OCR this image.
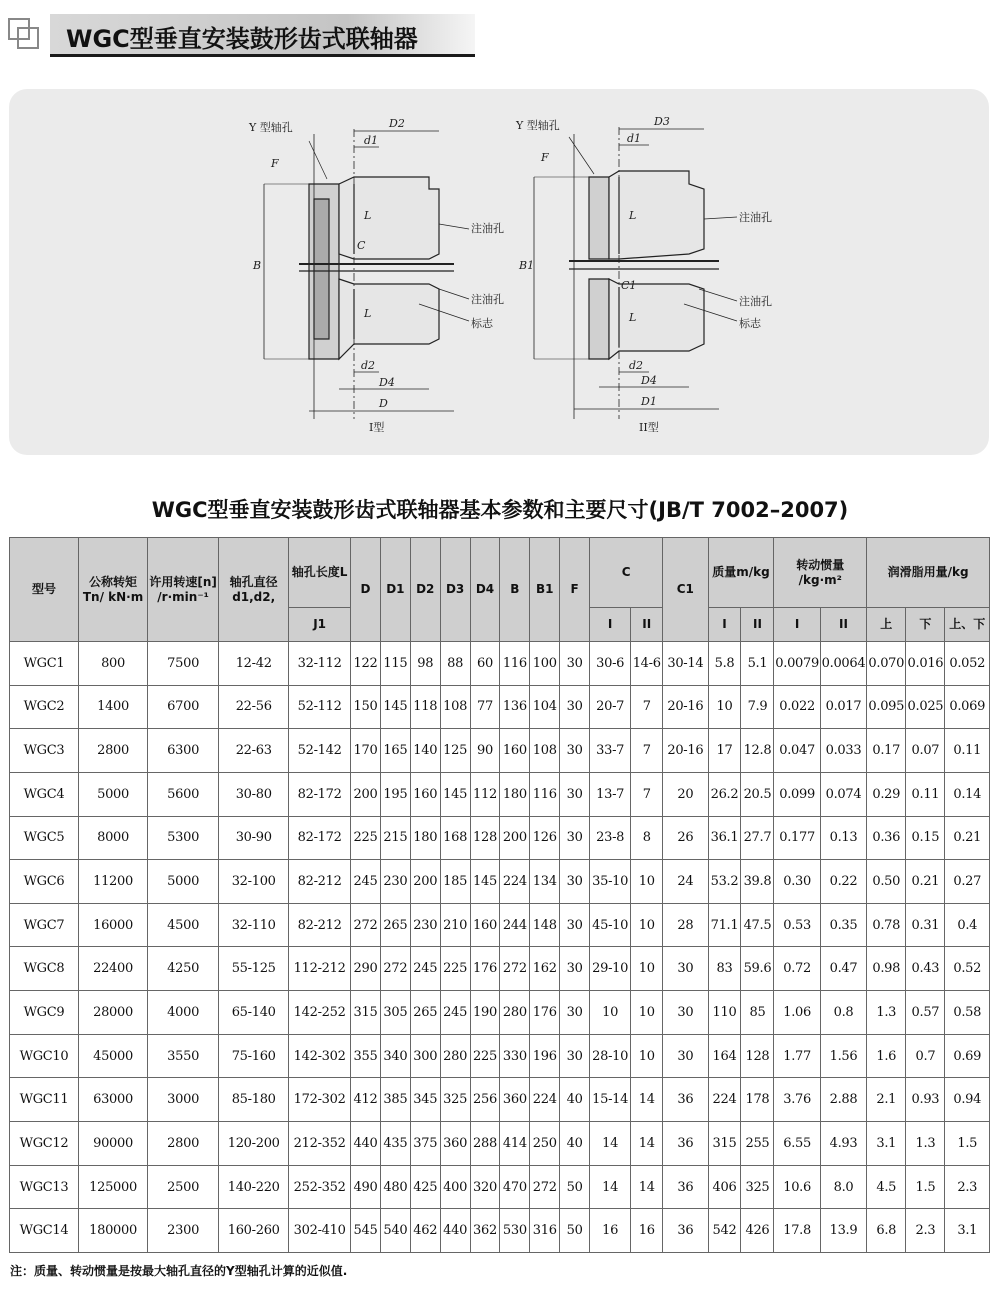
WGC型垂直安装鼓形齿式联轴器
Y 型轴孔
注油孔
注油孔
标志
D2
d1
B
d2
D4
D
F
C
L
L
I型
Y 型轴孔
注油孔
注油孔
标志
D3
d1
B1
d2
D4
D1
F
C1
L
L
II型
WGC型垂直安装鼓形齿式联轴器基本参数和主要尺寸(JB/T 7002–2007)
型号	公称转矩 Tn/ kN·m	许用转速[n] /r·min⁻¹	轴孔直径 d1,d2,	轴孔长度L	D	D1	D2	D3	D4	B	B1	F	C		C1	质量m/kg		转动惯量 /kg·m²		润滑脂用量/kg		
				J1									I	II		I	II	I	II	上	下	上、下
WGC1	800	7500	12-42	32-112	122	115	98	88	60	116	100	30	30-6	14-6	30-14	5.8	5.1	0.0079	0.0064	0.070	0.016	0.052
WGC2	1400	6700	22-56	52-112	150	145	118	108	77	136	104	30	20-7	7	20-16	10	7.9	0.022	0.017	0.095	0.025	0.069
WGC3	2800	6300	22-63	52-142	170	165	140	125	90	160	108	30	33-7	7	20-16	17	12.8	0.047	0.033	0.17	0.07	0.11
WGC4	5000	5600	30-80	82-172	200	195	160	145	112	180	116	30	13-7	7	20	26.2	20.5	0.099	0.074	0.29	0.11	0.14
WGC5	8000	5300	30-90	82-172	225	215	180	168	128	200	126	30	23-8	8	26	36.1	27.7	0.177	0.13	0.36	0.15	0.21
WGC6	11200	5000	32-100	82-212	245	230	200	185	145	224	134	30	35-10	10	24	53.2	39.8	0.30	0.22	0.50	0.21	0.27
WGC7	16000	4500	32-110	82-212	272	265	230	210	160	244	148	30	45-10	10	28	71.1	47.5	0.53	0.35	0.78	0.31	0.4
WGC8	22400	4250	55-125	112-212	290	272	245	225	176	272	162	30	29-10	10	30	83	59.6	0.72	0.47	0.98	0.43	0.52
WGC9	28000	4000	65-140	142-252	315	305	265	245	190	280	176	30	10	10	30	110	85	1.06	0.8	1.3	0.57	0.58
WGC10	45000	3550	75-160	142-302	355	340	300	280	225	330	196	30	28-10	10	30	164	128	1.77	1.56	1.6	0.7	0.69
WGC11	63000	3000	85-180	172-302	412	385	345	325	256	360	224	40	15-14	14	36	224	178	3.76	2.88	2.1	0.93	0.94
WGC12	90000	2800	120-200	212-352	440	435	375	360	288	414	250	40	14	14	36	315	255	6.55	4.93	3.1	1.3	1.5
WGC13	125000	2500	140-220	252-352	490	480	425	400	320	470	272	50	14	14	36	406	325	10.6	8.0	4.5	1.5	2.3
WGC14	180000	2300	160-260	302-410	545	540	462	440	362	530	316	50	16	16	36	542	426	17.8	13.9	6.8	2.3	3.1
注：质量、转动惯量是按最大轴孔直径的Y型轴孔计算的近似值.
